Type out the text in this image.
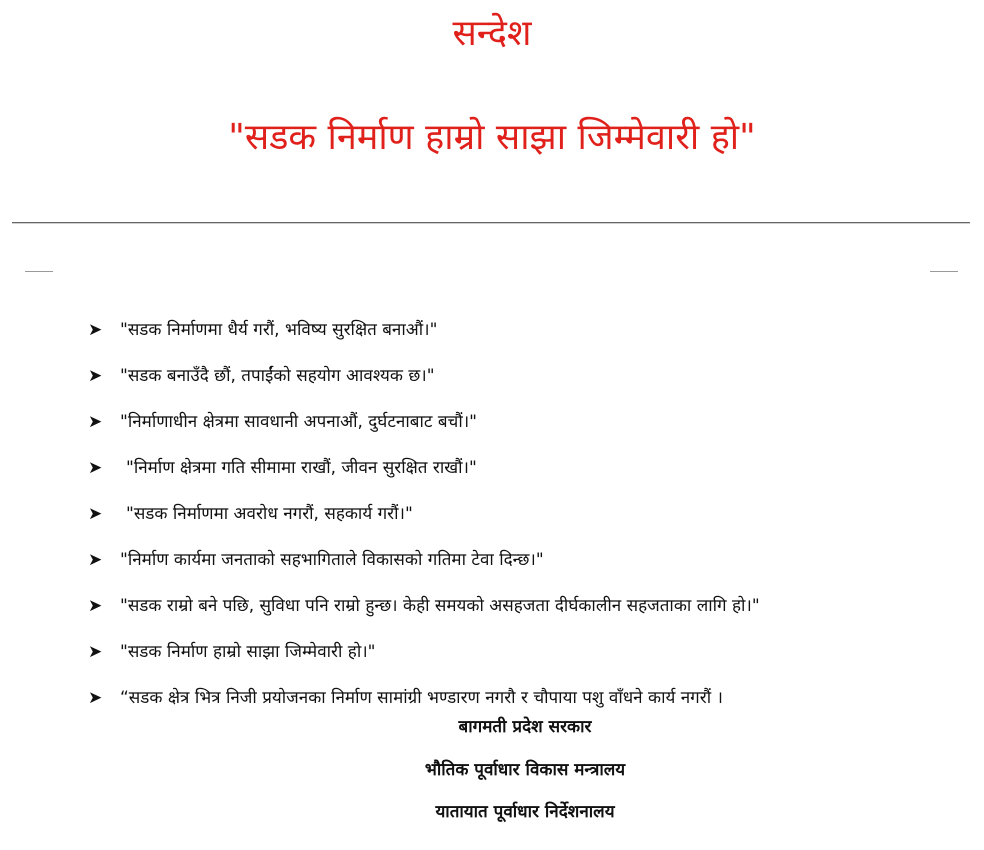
सन्देश
"सडक निर्माण हाम्रो साझा जिम्मेवारी हो"
➤ "सडक निर्माणमा धैर्य गरौं, भविष्य सुरक्षित बनाऔं।"
➤ "सडक बनाउँदै छौं, तपाईंको सहयोग आवश्यक छ।"
➤ "निर्माणाधीन क्षेत्रमा सावधानी अपनाऔं, दुर्घटनाबाट बचौं।"
➤ "निर्माण क्षेत्रमा गति सीमामा राखौं, जीवन सुरक्षित राखौं।"
➤ "सडक निर्माणमा अवरोध नगरौं, सहकार्य गरौं।"
➤ "निर्माण कार्यमा जनताको सहभागिताले विकासको गतिमा टेवा दिन्छ।"
➤ "सडक राम्रो बने पछि, सुविधा पनि राम्रो हुन्छ। केही समयको असहजता दीर्घकालीन सहजताका लागि हो।"
➤ "सडक निर्माण हाम्रो साझा जिम्मेवारी हो।"
➤ “सडक क्षेत्र भित्र निजी प्रयोजनका निर्माण सामांग्री भण्डारण नगरौ र चौपाया पशु वाँधने कार्य नगरौं ।
बागमती प्रदेश सरकार
भौतिक पूर्वाधार विकास मन्त्रालय
यातायात पूर्वाधार निर्देशनालय
